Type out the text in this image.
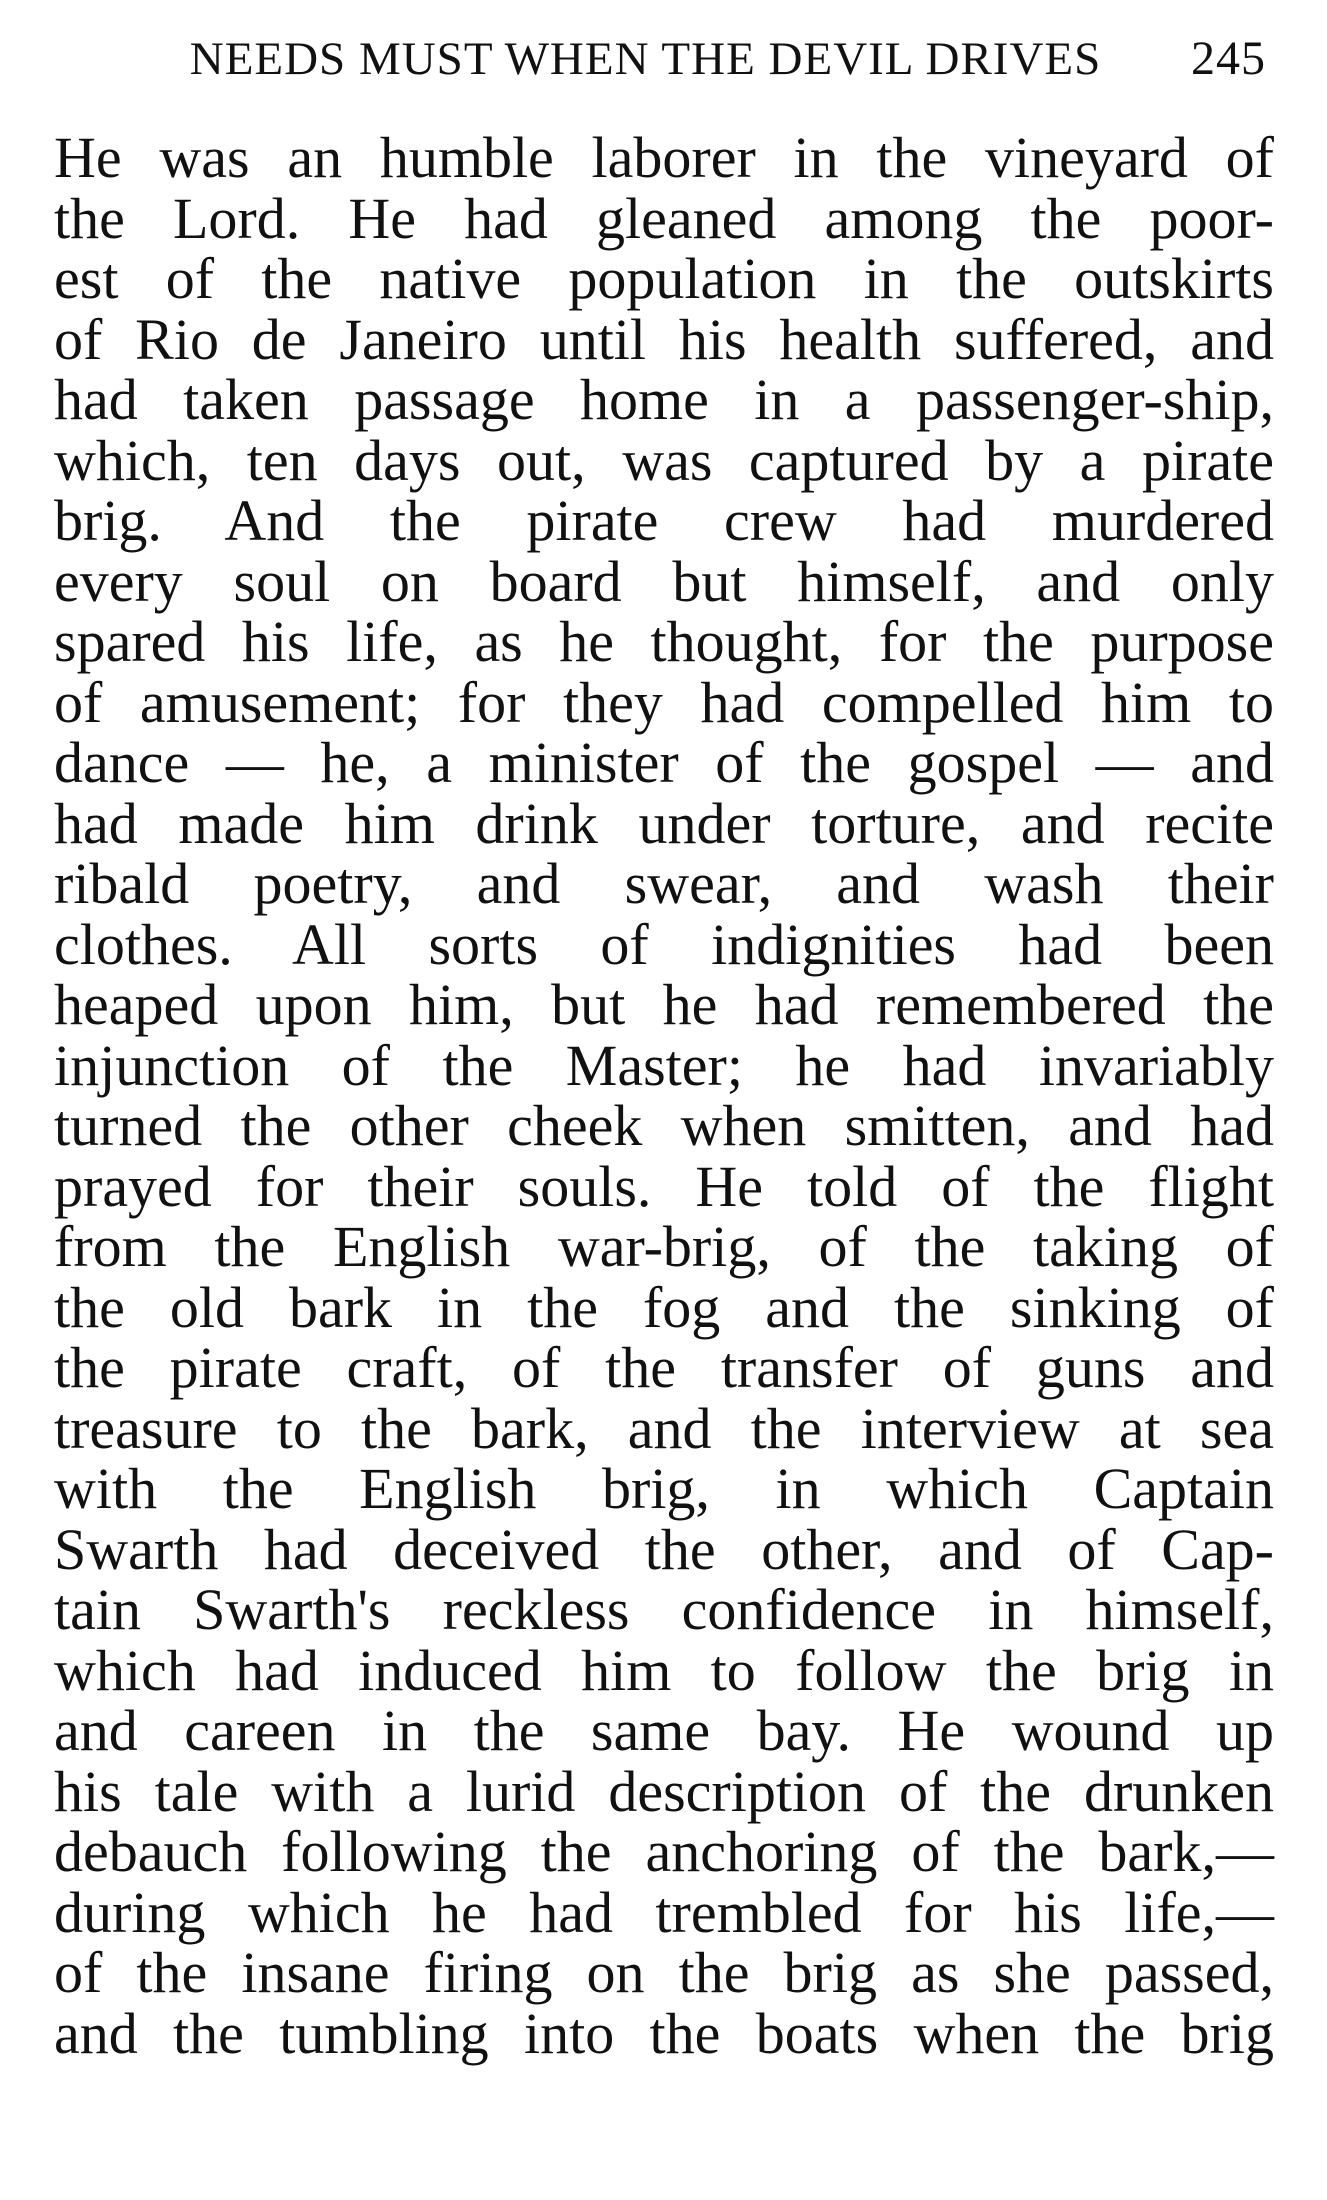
NEEDS MUST WHEN THE DEVIL DRIVES	245
He was an humble laborer in the vineyard of
the Lord. He had gleaned among the poor-
est of the native population in the outskirts
of Rio de Janeiro until his health suffered, and
had taken passage home in a passenger-ship,
which, ten days out, was captured by a pirate
brig. And the pirate crew had murdered
every soul on board but himself, and only
spared his life, as he thought, for the purpose
of amusement; for they had compelled him to
dance — he, a minister of the gospel — and
had made him drink under torture, and recite
ribald poetry, and swear, and wash their
clothes. All sorts of indignities had been
heaped upon him, but he had remembered the
injunction of the Master; he had invariably
turned the other cheek when smitten, and had
prayed for their souls. He told of the flight
from the English war-brig, of the taking of
the old bark in the fog and the sinking of
the pirate craft, of the transfer of guns and
treasure to the bark, and the interview at sea
with the English brig, in which Captain
Swarth had deceived the other, and of Cap-
tain Swarth's reckless confidence in himself,
which had induced him to follow the brig in
and careen in the same bay. He wound up
his tale with a lurid description of the drunken
debauch following the anchoring of the bark,—
during which he had trembled for his life,—
of the insane firing on the brig as she passed,
and the tumbling into the boats when the brig
